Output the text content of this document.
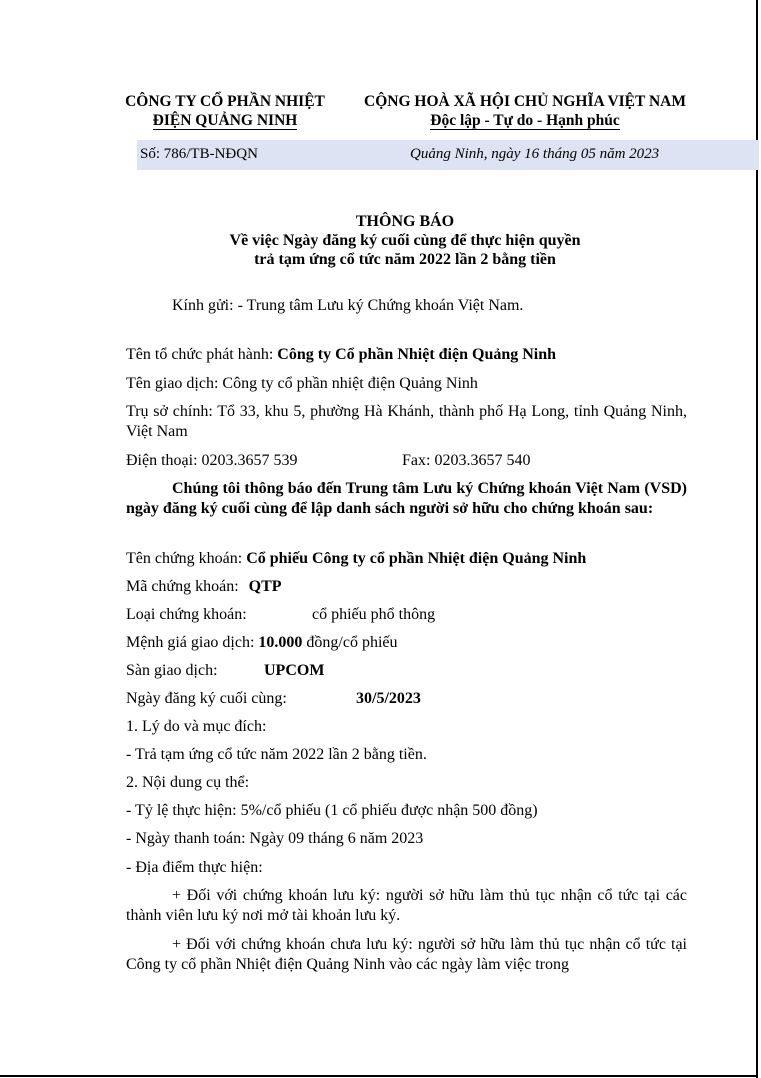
CÔNG TY CỔ PHẦN NHIỆT
ĐIỆN QUẢNG NINH
CỘNG HOÀ XÃ HỘI CHỦ NGHĨA VIỆT NAM
Độc lập - Tự do - Hạnh phúc
Số: 786/TB-NĐQN	Quảng Ninh, ngày 16 tháng 05 năm 2023
THÔNG BÁO
Về việc Ngày đăng ký cuối cùng để thực hiện quyền
trả tạm ứng cổ tức năm 2022 lần 2 bằng tiền
Kính gửi: - Trung tâm Lưu ký Chứng khoán Việt Nam.
Tên tổ chức phát hành: Công ty Cổ phần Nhiệt điện Quảng Ninh
Tên giao dịch: Công ty cổ phần nhiệt điện Quảng Ninh
Trụ sở chính: Tổ 33, khu 5, phường Hà Khánh, thành phố Hạ Long, tỉnh Quảng Ninh, Việt Nam
Điện thoại: 0203.3657 539	Fax: 0203.3657 540
Chúng tôi thông báo đến Trung tâm Lưu ký Chứng khoán Việt Nam (VSD) ngày đăng ký cuối cùng để lập danh sách người sở hữu cho chứng khoán sau:
Tên chứng khoán: Cổ phiếu Công ty cổ phần Nhiệt điện Quảng Ninh
Mã chứng khoán: QTP
Loại chứng khoán:	cổ phiếu phổ thông
Mệnh giá giao dịch: 10.000 đồng/cổ phiếu
Sàn giao dịch:	UPCOM
Ngày đăng ký cuối cùng:	30/5/2023
1. Lý do và mục đích:
- Trả tạm ứng cổ tức năm 2022 lần 2 bằng tiền.
2. Nội dung cụ thể:
- Tỷ lệ thực hiện: 5%/cổ phiếu (1 cổ phiếu được nhận 500 đồng)
- Ngày thanh toán: Ngày 09 tháng 6 năm 2023
- Địa điểm thực hiện:
+ Đối với chứng khoán lưu ký: người sở hữu làm thủ tục nhận cổ tức tại các thành viên lưu ký nơi mở tài khoản lưu ký.
+ Đối với chứng khoán chưa lưu ký: người sở hữu làm thủ tục nhận cổ tức tại Công ty cổ phần Nhiệt điện Quảng Ninh vào các ngày làm việc trong
